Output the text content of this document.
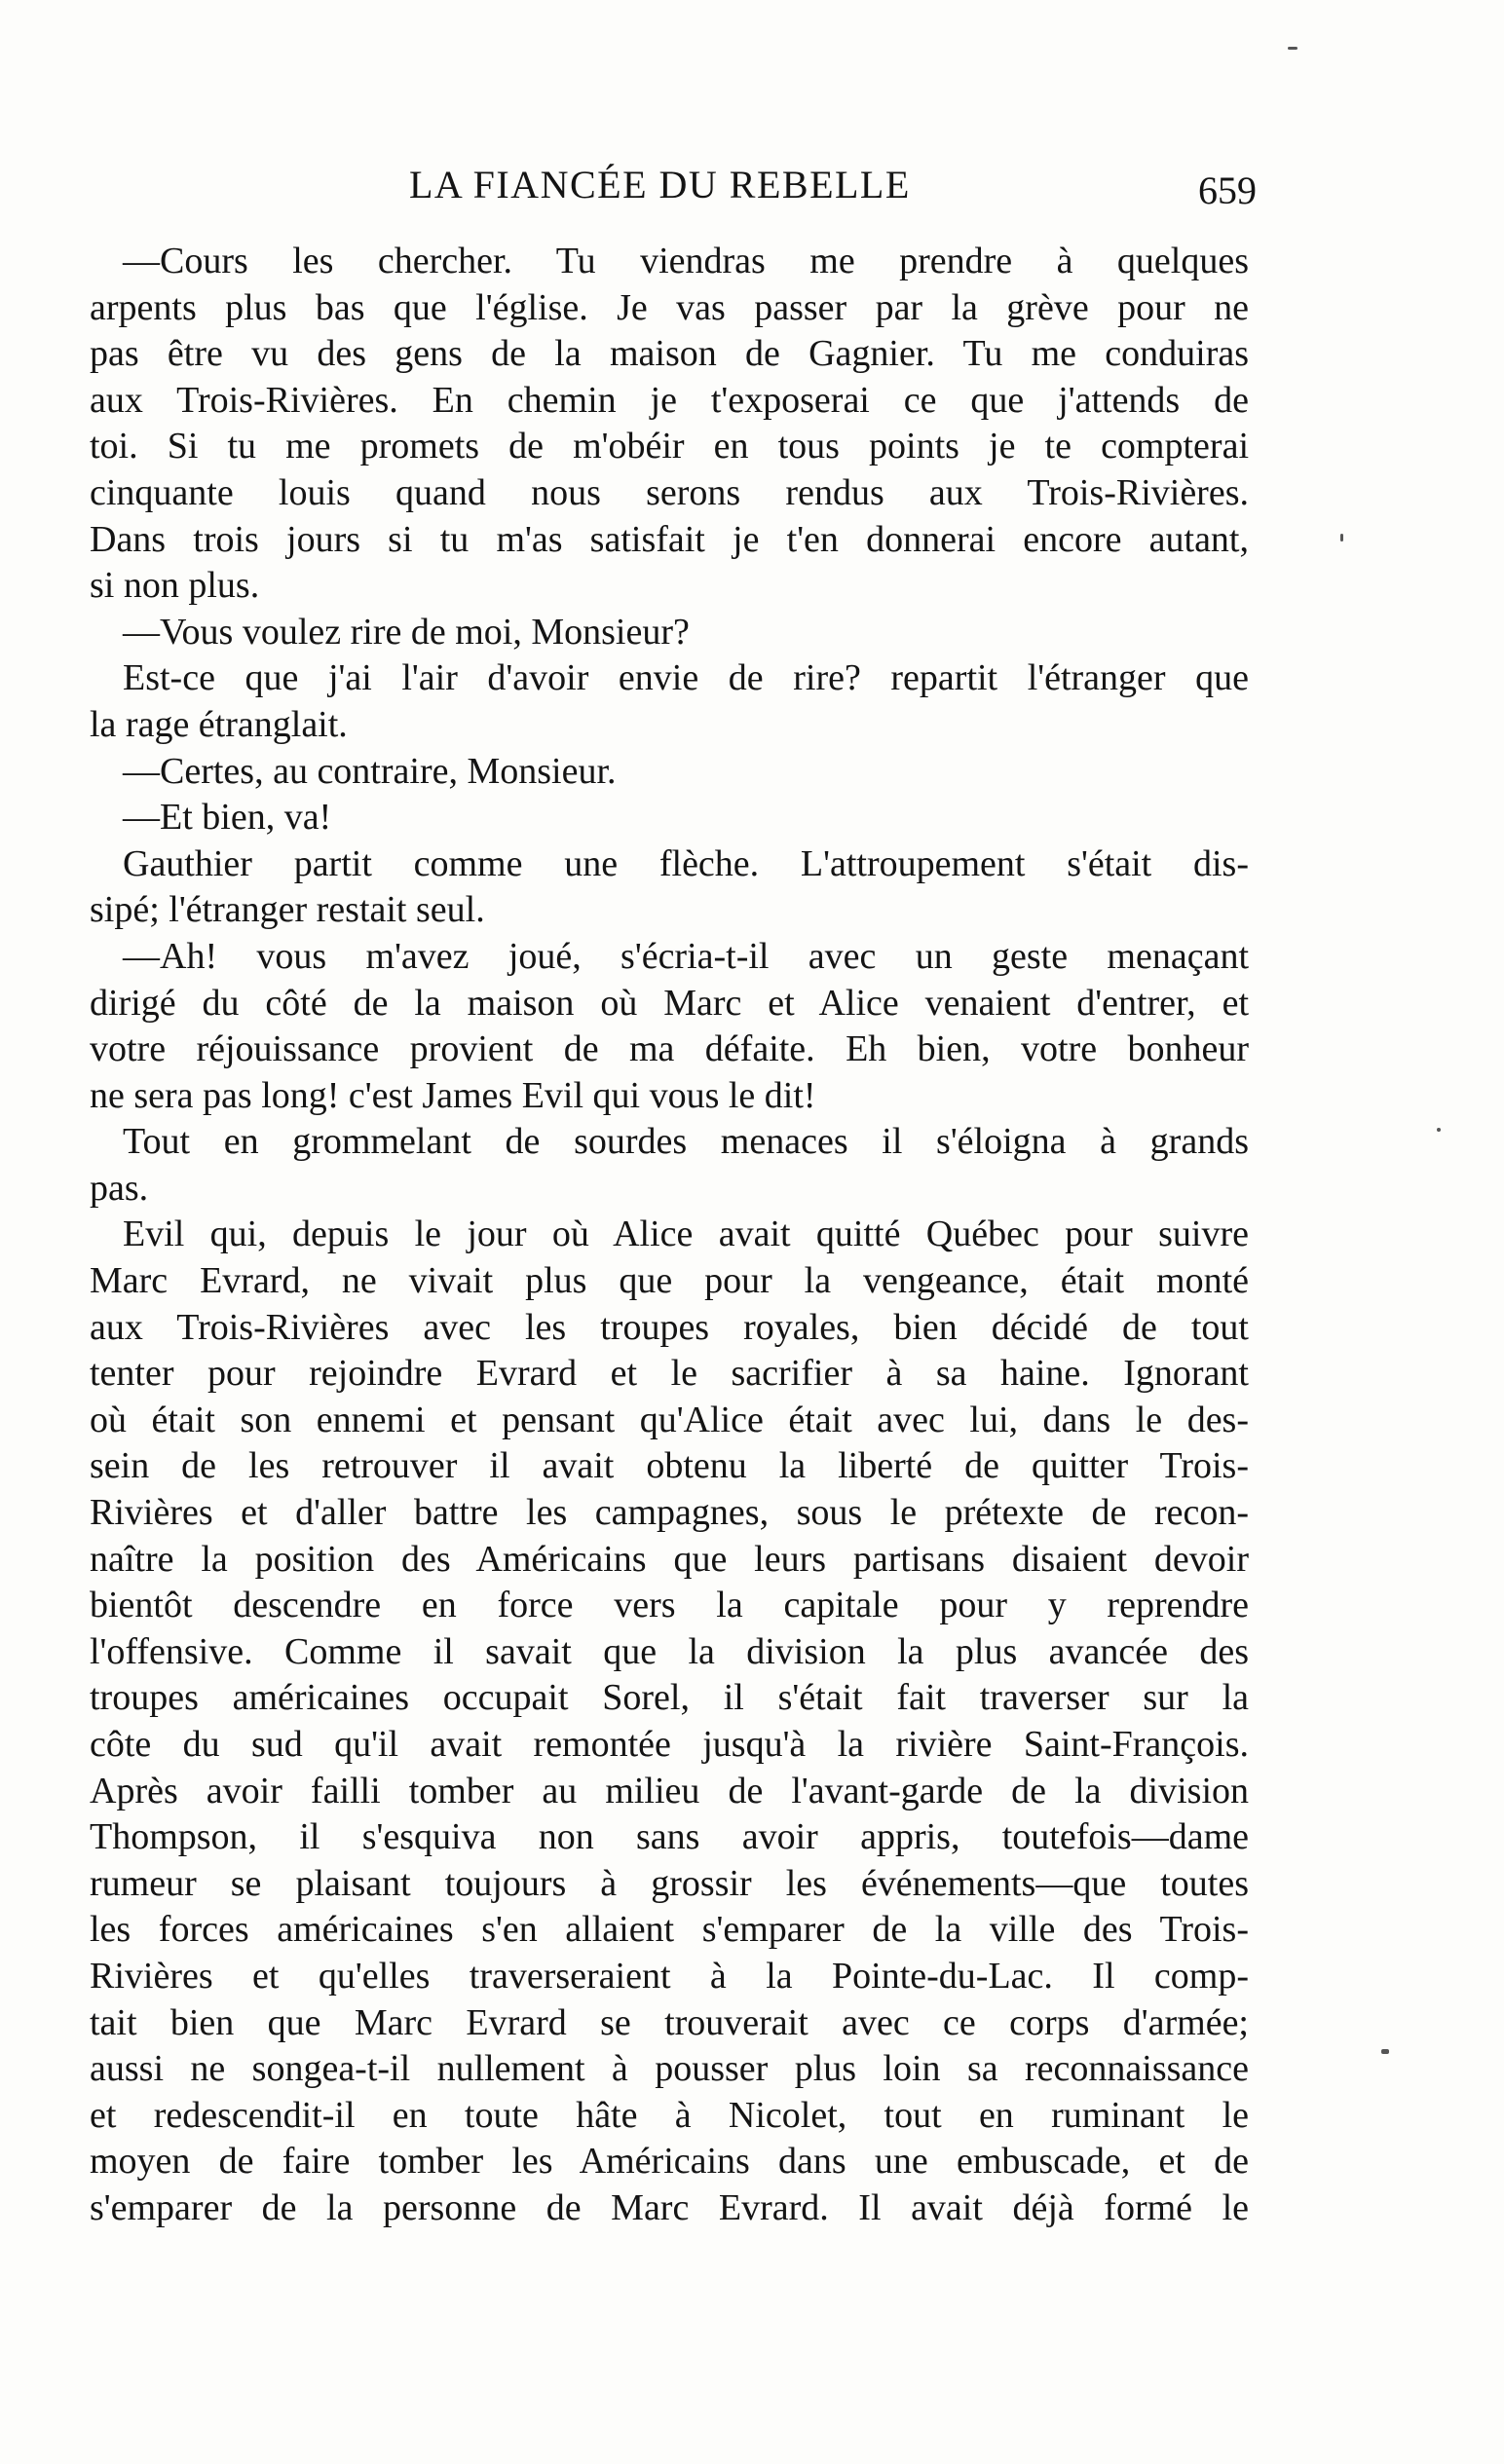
LA FIANCÉE DU REBELLE	659
—Cours les chercher. Tu viendras me prendre à quelques
arpents plus bas que l'église. Je vas passer par la grève pour ne
pas être vu des gens de la maison de Gagnier. Tu me conduiras
aux Trois-Rivières. En chemin je t'exposerai ce que j'attends de
toi. Si tu me promets de m'obéir en tous points je te compterai
cinquante louis quand nous serons rendus aux Trois-Rivières.
Dans trois jours si tu m'as satisfait je t'en donnerai encore autant,
si non plus.
—Vous voulez rire de moi, Monsieur?
Est-ce que j'ai l'air d'avoir envie de rire? repartit l'étranger que
la rage étranglait.
—Certes, au contraire, Monsieur.
—Et bien, va!
Gauthier partit comme une flèche. L'attroupement s'était dis-
sipé; l'étranger restait seul.
—Ah! vous m'avez joué, s'écria-t-il avec un geste menaçant
dirigé du côté de la maison où Marc et Alice venaient d'entrer, et
votre réjouissance provient de ma défaite. Eh bien, votre bonheur
ne sera pas long! c'est James Evil qui vous le dit!
Tout en grommelant de sourdes menaces il s'éloigna à grands
pas.
Evil qui, depuis le jour où Alice avait quitté Québec pour suivre
Marc Evrard, ne vivait plus que pour la vengeance, était monté
aux Trois-Rivières avec les troupes royales, bien décidé de tout
tenter pour rejoindre Evrard et le sacrifier à sa haine. Ignorant
où était son ennemi et pensant qu'Alice était avec lui, dans le des-
sein de les retrouver il avait obtenu la liberté de quitter Trois-
Rivières et d'aller battre les campagnes, sous le prétexte de recon-
naître la position des Américains que leurs partisans disaient devoir
bientôt descendre en force vers la capitale pour y reprendre
l'offensive. Comme il savait que la division la plus avancée des
troupes américaines occupait Sorel, il s'était fait traverser sur la
côte du sud qu'il avait remontée jusqu'à la rivière Saint-François.
Après avoir failli tomber au milieu de l'avant-garde de la division
Thompson, il s'esquiva non sans avoir appris, toutefois—dame
rumeur se plaisant toujours à grossir les événements—que toutes
les forces américaines s'en allaient s'emparer de la ville des Trois-
Rivières et qu'elles traverseraient à la Pointe-du-Lac. Il comp-
tait bien que Marc Evrard se trouverait avec ce corps d'armée;
aussi ne songea-t-il nullement à pousser plus loin sa reconnaissance
et redescendit-il en toute hâte à Nicolet, tout en ruminant le
moyen de faire tomber les Américains dans une embuscade, et de
s'emparer de la personne de Marc Evrard. Il avait déjà formé le
